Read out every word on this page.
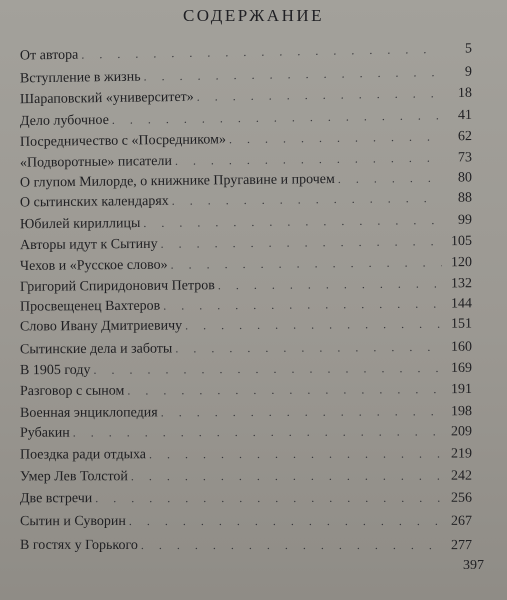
СОДЕРЖАНИЕ
От автора . . .	5
Вступление в жизнь . . .	9
Шараповский «университет» . . .	18
Дело лубочное . . .	41
Посредничество с «Посредником» . . .	62
«Подворотные» писатели . . .	73
О глупом Милорде, о книжнике Пругавине и прочем . . .	80
О сытинских календарях . . .	88
Юбилей кириллицы . . .	99
Авторы идут к Сытину . . .	105
Чехов и «Русское слово» . . .	120
Григорий Спиридонович Петров . . .	132
Просвещенец Вахтеров . . .	144
Слово Ивану Дмитриевичу . . .	151
Сытинские дела и заботы . . .	160
В 1905 году . . .	169
Разговор с сыном . . .	191
Военная энциклопедия . . .	198
Рубакин . . .	209
Поездка ради отдыха . . .	219
Умер Лев Толстой . . .	242
Две встречи . . .	256
Сытин и Суворин . . .	267
В гостях у Горького . . .	277
397
